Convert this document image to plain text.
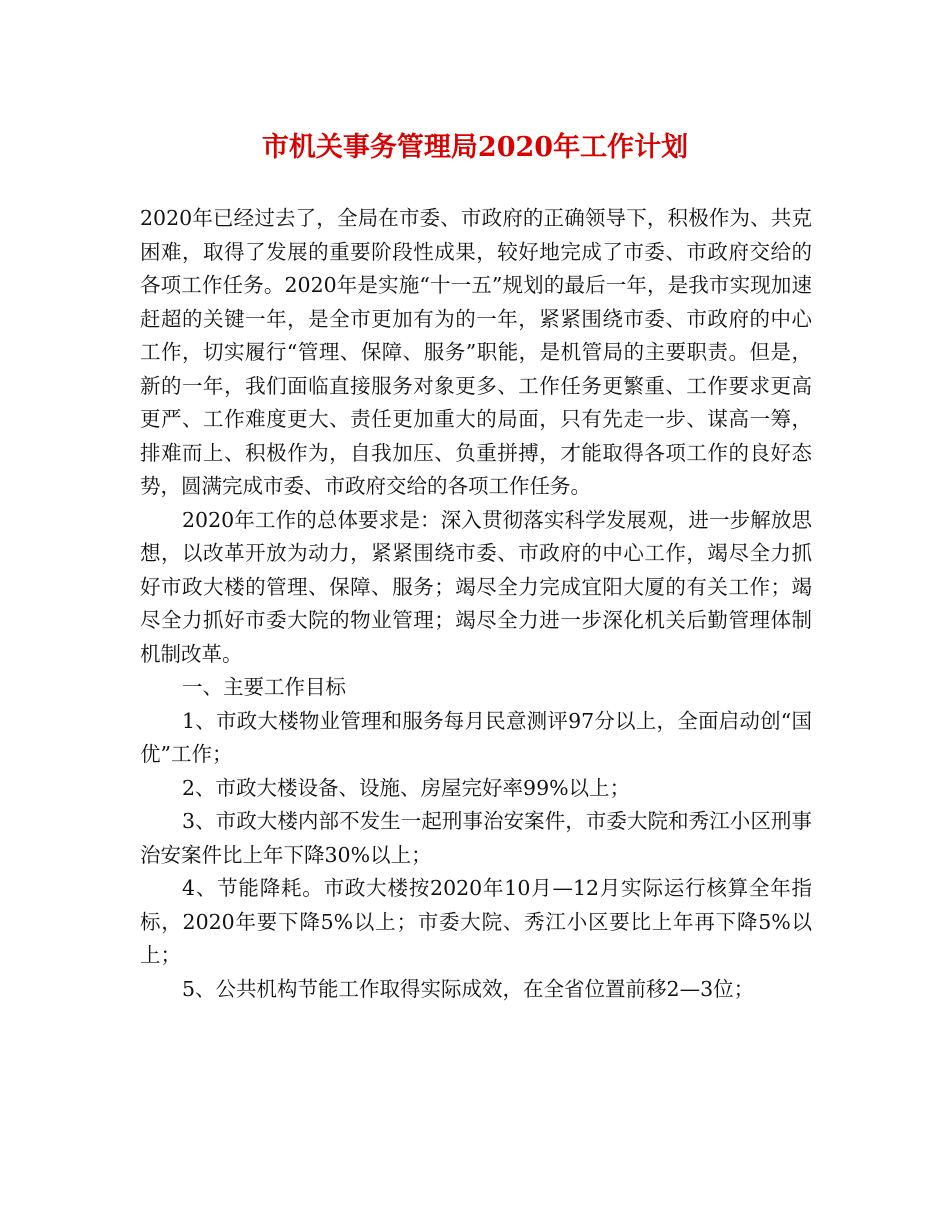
市机关事务管理局2020年工作计划

2020年已经过去了，全局在市委、市政府的正确领导下，积极作为、共克困难，取得了发展的重要阶段性成果，较好地完成了市委、市政府交给的各项工作任务。2020年是实施“十一五”规划的最后一年，是我市实现加速赶超的关键一年，是全市更加有为的一年，紧紧围绕市委、市政府的中心工作，切实履行“管理、保障、服务”职能，是机管局的主要职责。但是，新的一年，我们面临直接服务对象更多、工作任务更繁重、工作要求更高更严、工作难度更大、责任更加重大的局面，只有先走一步、谋高一筹，排难而上、积极作为，自我加压、负重拼搏，才能取得各项工作的良好态势，圆满完成市委、市政府交给的各项工作任务。

2020年工作的总体要求是：深入贯彻落实科学发展观，进一步解放思想，以改革开放为动力，紧紧围绕市委、市政府的中心工作，竭尽全力抓好市政大楼的管理、保障、服务；竭尽全力完成宜阳大厦的有关工作；竭尽全力抓好市委大院的物业管理；竭尽全力进一步深化机关后勤管理体制机制改革。

一、主要工作目标

1、市政大楼物业管理和服务每月民意测评97分以上，全面启动创“国优”工作；

2、市政大楼设备、设施、房屋完好率99%以上；

3、市政大楼内部不发生一起刑事治安案件，市委大院和秀江小区刑事治安案件比上年下降30%以上；

4、节能降耗。市政大楼按2020年10月—12月实际运行核算全年指标，2020年要下降5%以上；市委大院、秀江小区要比上年再下降5%以上；

5、公共机构节能工作取得实际成效，在全省位置前移2—3位；
